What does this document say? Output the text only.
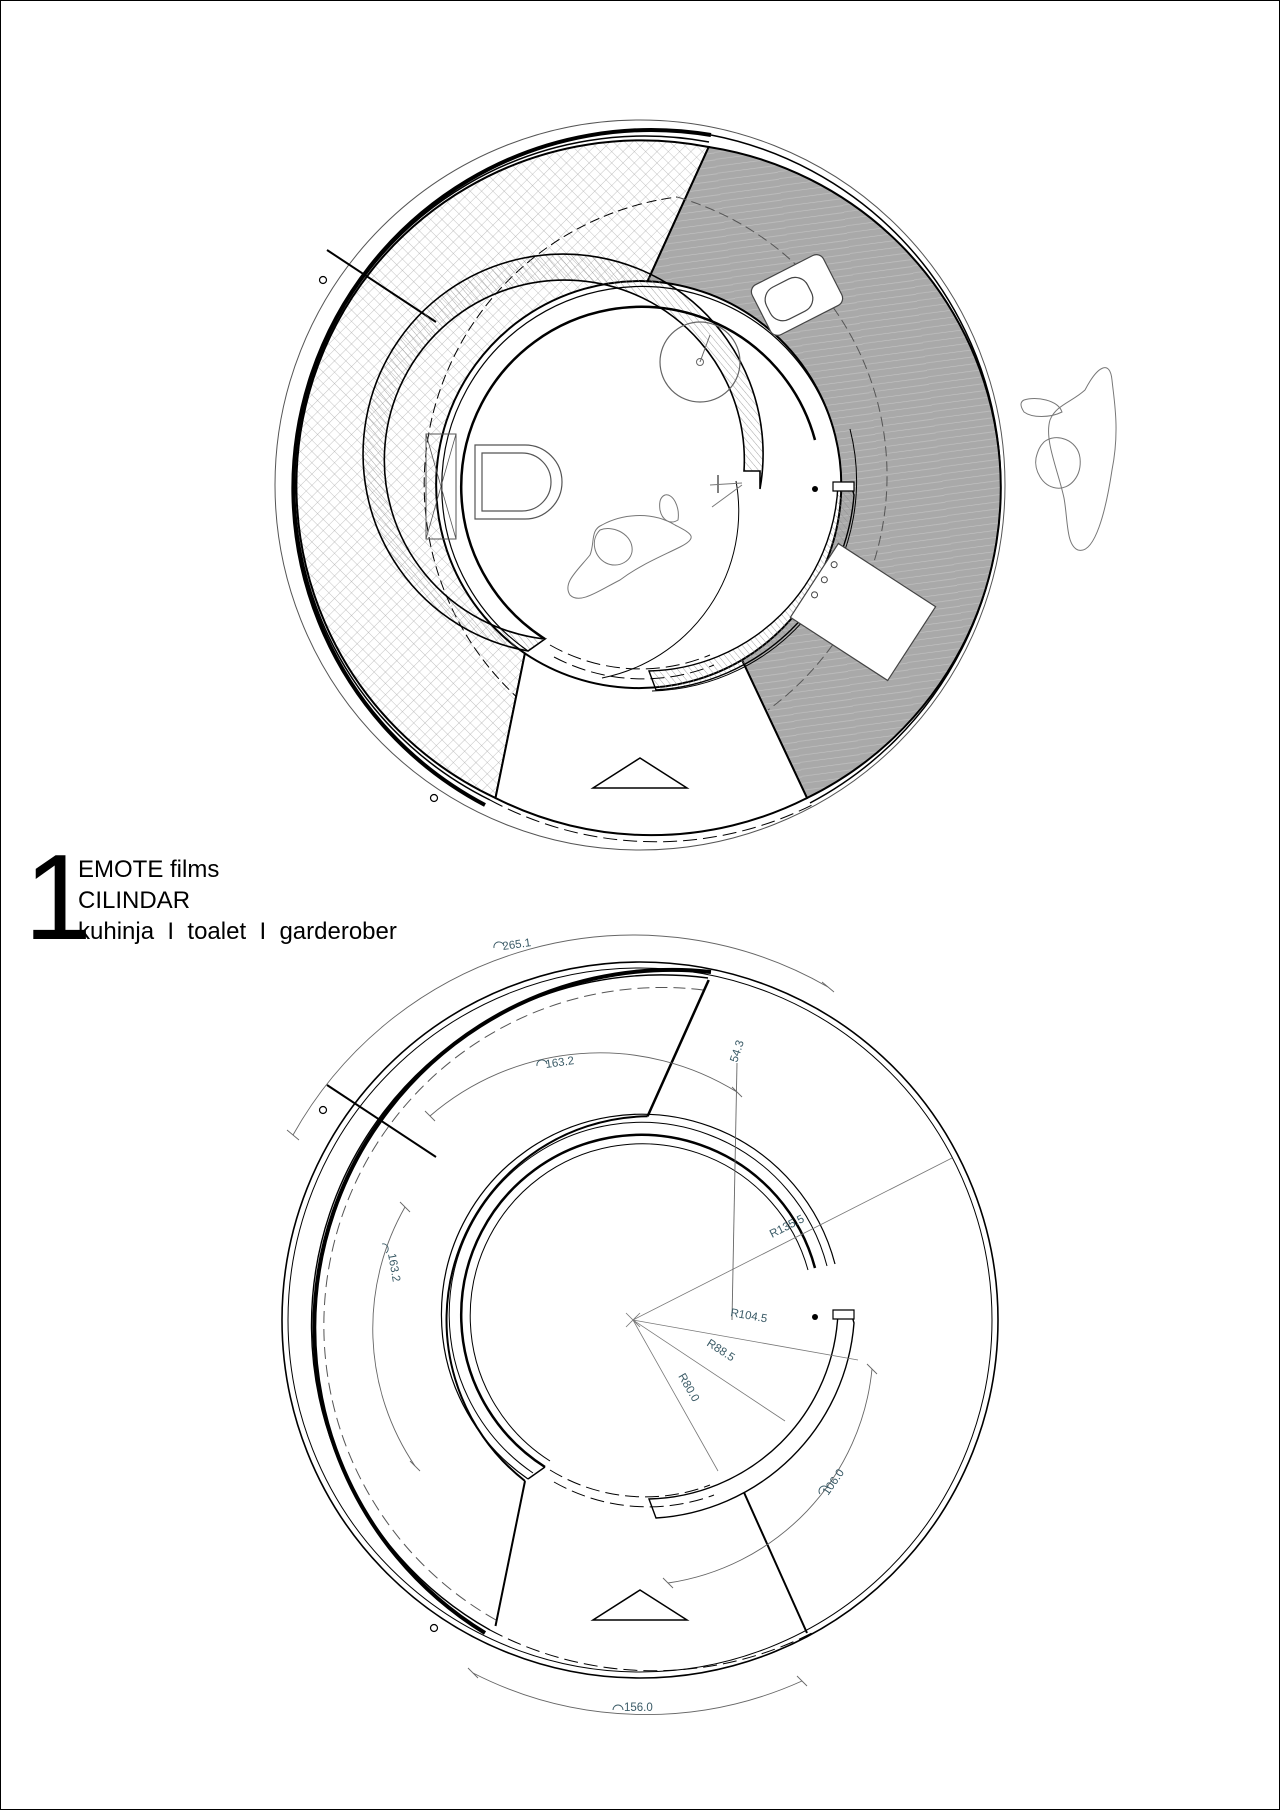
265.1
163.2
163.2
54.3
R135.5
R104.5
R88.5
R80.0
106.0
156.0
1
EMOTE films
CILINDAR
kuhinja  I  toalet  I  garderober
